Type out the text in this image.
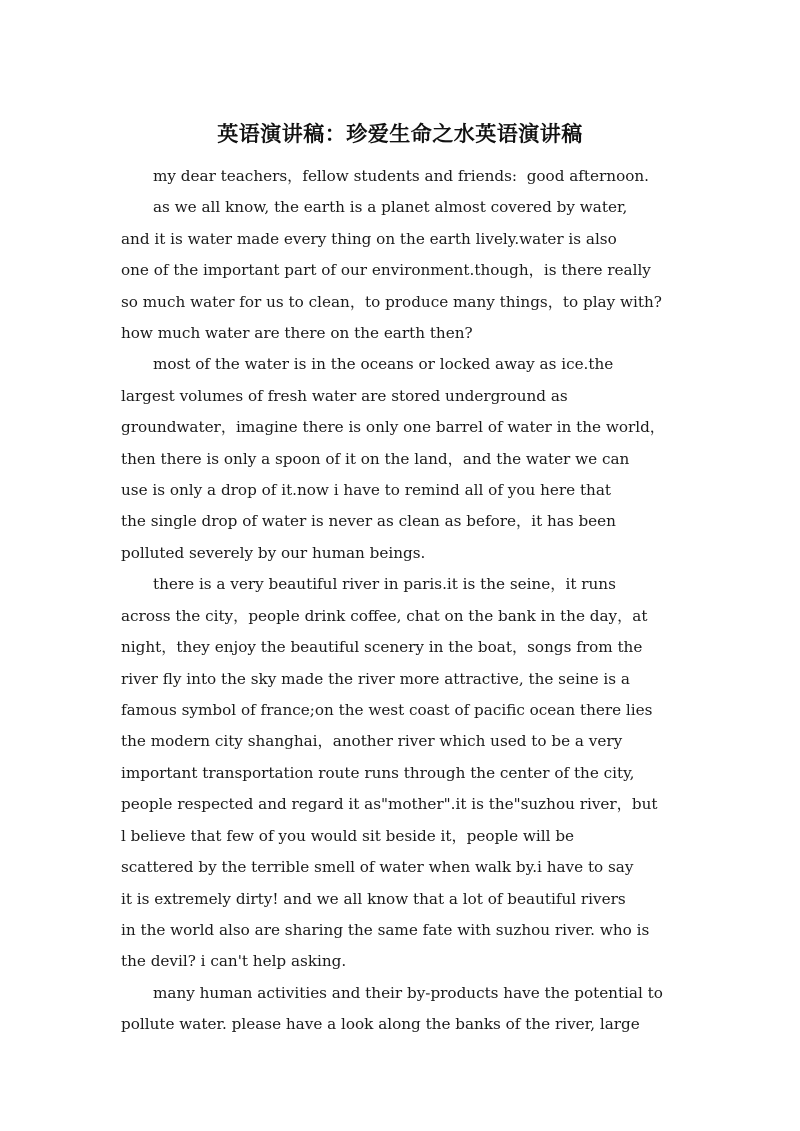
英语演讲稿：珍爱生命之水英语演讲稿
my dear teachers，fellow students and friends:  good afternoon.
as we all know, the earth is a planet almost covered by water,
and it is water made every thing on the earth lively.water is also
one of the important part of our environment.though，is there really
so much water for us to clean，to produce many things，to play with?
how much water are there on the earth then?
most of the water is in the oceans or locked away as ice.the
largest volumes of fresh water are stored underground as
groundwater，imagine there is only one barrel of water in the world，
then there is only a spoon of it on the land，and the water we can
use is only a drop of it.now i have to remind all of you here that
the single drop of water is never as clean as before，it has been
polluted severely by our human beings.
there is a very beautiful river in paris.it is the seine，it runs
across the city，people drink coffee, chat on the bank in the day，at
night，they enjoy the beautiful scenery in the boat，songs from the
river fly into the sky made the river more attractive, the seine is a
famous symbol of france;on the west coast of pacific ocean there lies
the modern city shanghai，another river which used to be a very
important transportation route runs through the center of the city,
people respected and regard it as"mother".it is the"suzhou river，but
l believe that few of you would sit beside it，people will be
scattered by the terrible smell of water when walk by.i have to say
it is extremely dirty! and we all know that a lot of beautiful rivers
in the world also are sharing the same fate with suzhou river. who is
the devil? i can't help asking.
many human activities and their by-products have the potential to
pollute water. please have a look along the banks of the river, large
